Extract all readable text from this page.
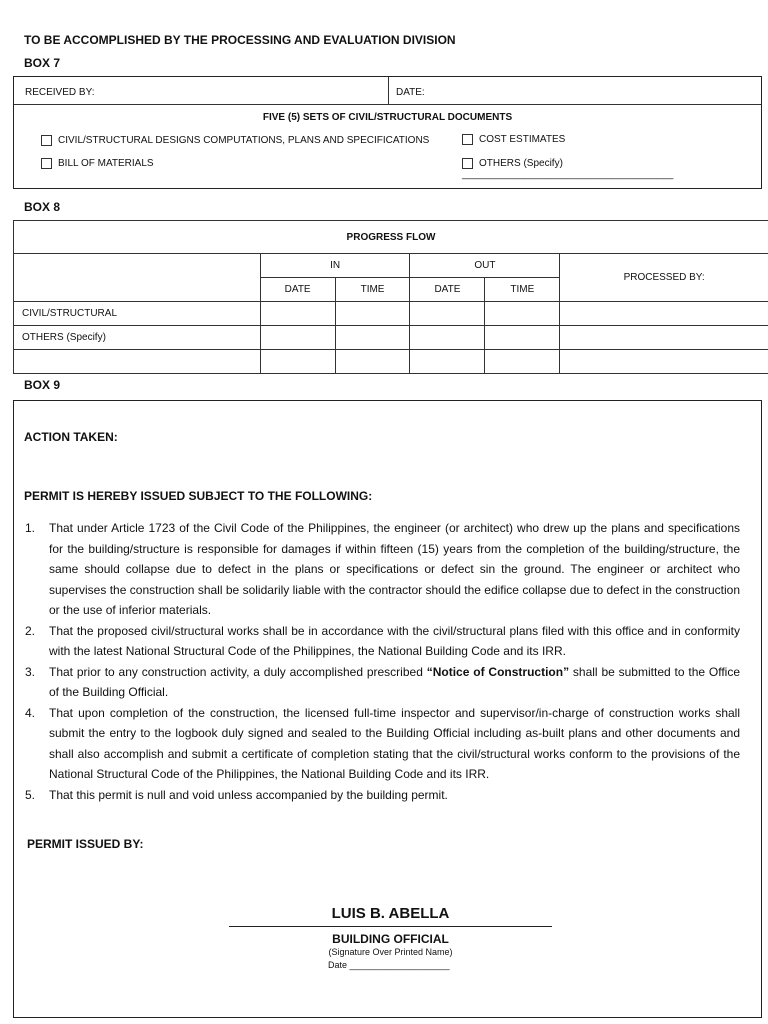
TO BE ACCOMPLISHED BY THE PROCESSING AND EVALUATION DIVISION
BOX 7
RECEIVED BY:	DATE:
FIVE (5) SETS OF CIVIL/STRUCTURAL DOCUMENTS
CIVIL/STRUCTURAL DESIGNS COMPUTATIONS, PLANS AND SPECIFICATIONS	COST ESTIMATES
BILL OF MATERIALS	OTHERS (Specify) ______________________________________
BOX 8
PROGRESS FLOW					
	IN		OUT		PROCESSED BY:
	DATE	TIME	DATE	TIME	
CIVIL/STRUCTURAL					
OTHERS (Specify)					

BOX 9
ACTION TAKEN:
PERMIT IS HEREBY ISSUED SUBJECT TO THE FOLLOWING:
1. That under Article 1723 of the Civil Code of the Philippines, the engineer (or architect) who drew up the plans and specifications for the building/structure is responsible for damages if within fifteen (15) years from the completion of the building/structure, the same should collapse due to defect in the plans or specifications or defect sin the ground. The engineer or architect who supervises the construction shall be solidarily liable with the contractor should the edifice collapse due to defect in the construction or the use of inferior materials.
2. That the proposed civil/structural works shall be in accordance with the civil/structural plans filed with this office and in conformity with the latest National Structural Code of the Philippines, the National Building Code and its IRR.
3. That prior to any construction activity, a duly accomplished prescribed “Notice of Construction” shall be submitted to the Office of the Building Official.
4. That upon completion of the construction, the licensed full-time inspector and supervisor/in-charge of construction works shall submit the entry to the logbook duly signed and sealed to the Building Official including as-built plans and other documents and shall also accomplish and submit a certificate of completion stating that the civil/structural works conform to the provisions of the National Structural Code of the Philippines, the National Building Code and its IRR.
5. That this permit is null and void unless accompanied by the building permit.
PERMIT ISSUED BY:
LUIS B. ABELLA
BUILDING OFFICIAL
(Signature Over Printed Name)
Date ____________________
